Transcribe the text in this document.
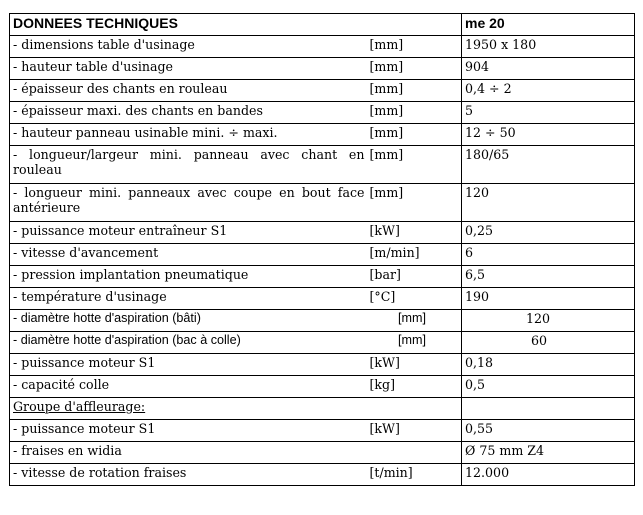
DONNEES TECHNIQUES		me 20
- dimensions table d'usinage	[mm]	1950 x 180
- hauteur table d'usinage	[mm]	904
- épaisseur des chants en rouleau	[mm]	0,4 ÷ 2
- épaisseur maxi. des chants en bandes	[mm]	5
- hauteur panneau usinable mini. ÷ maxi.	[mm]	12 ÷ 50
- longueur/largeur mini. panneau avec chant en rouleau	[mm]	180/65
- longueur mini. panneaux avec coupe en bout face antérieure	[mm]	120
- puissance moteur entraîneur S1	[kW]	0,25
- vitesse d'avancement	[m/min]	6
- pression implantation pneumatique	[bar]	6,5
- température d'usinage	[°C]	190

- diamètre hotte d'aspiration (bâti) [mm]		120

- diamètre hotte d'aspiration (bac à colle) [mm]		60

- puissance moteur S1	[kW]	0,18
- capacité colle	[kg]	0,5
Groupe d'affleurage:		
- puissance moteur S1	[kW]	0,55
- fraises en widia		Ø 75 mm Z4
- vitesse de rotation fraises	[t/min]	12.000
